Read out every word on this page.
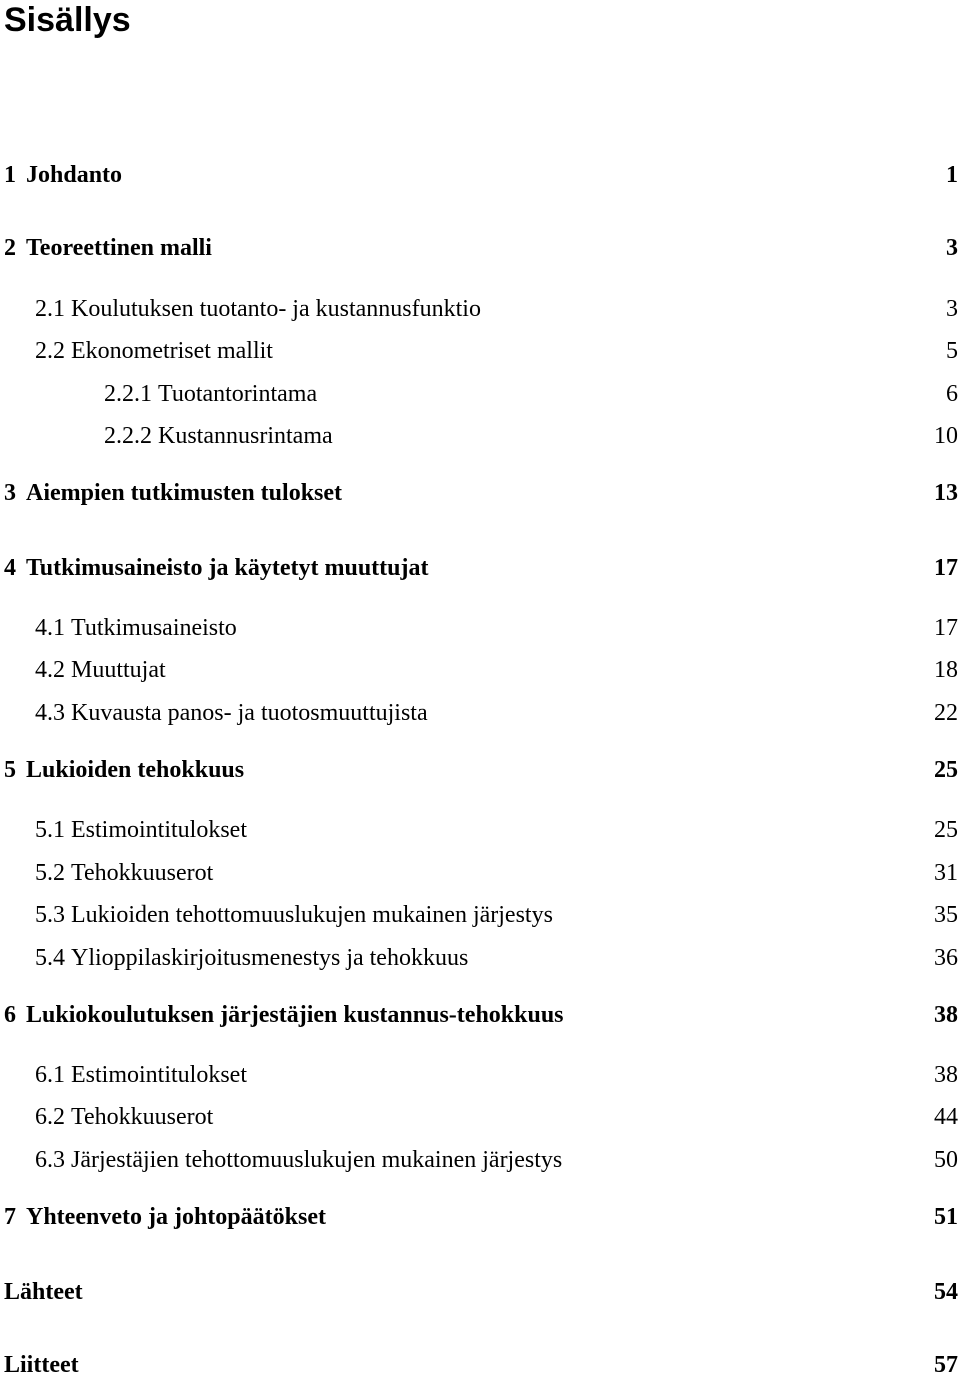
Sisällys
1 Johdanto	1
2 Teoreettinen malli	3
2.1 Koulutuksen tuotanto- ja kustannusfunktio	3
2.2 Ekonometriset mallit	5
2.2.1 Tuotantorintama	6
2.2.2 Kustannusrintama	10
3 Aiempien tutkimusten tulokset	13
4 Tutkimusaineisto ja käytetyt muuttujat	17
4.1 Tutkimusaineisto	17
4.2 Muuttujat	18
4.3 Kuvausta panos- ja tuotosmuuttujista	22
5 Lukioiden tehokkuus	25
5.1 Estimointitulokset	25
5.2 Tehokkuuserot	31
5.3 Lukioiden tehottomuuslukujen mukainen järjestys	35
5.4 Ylioppilaskirjoitusmenestys ja tehokkuus	36
6 Lukiokoulutuksen järjestäjien kustannus-tehokkuus	38
6.1 Estimointitulokset	38
6.2 Tehokkuuserot	44
6.3 Järjestäjien tehottomuuslukujen mukainen järjestys	50
7 Yhteenveto ja johtopäätökset	51
Lähteet	54
Liitteet	57
